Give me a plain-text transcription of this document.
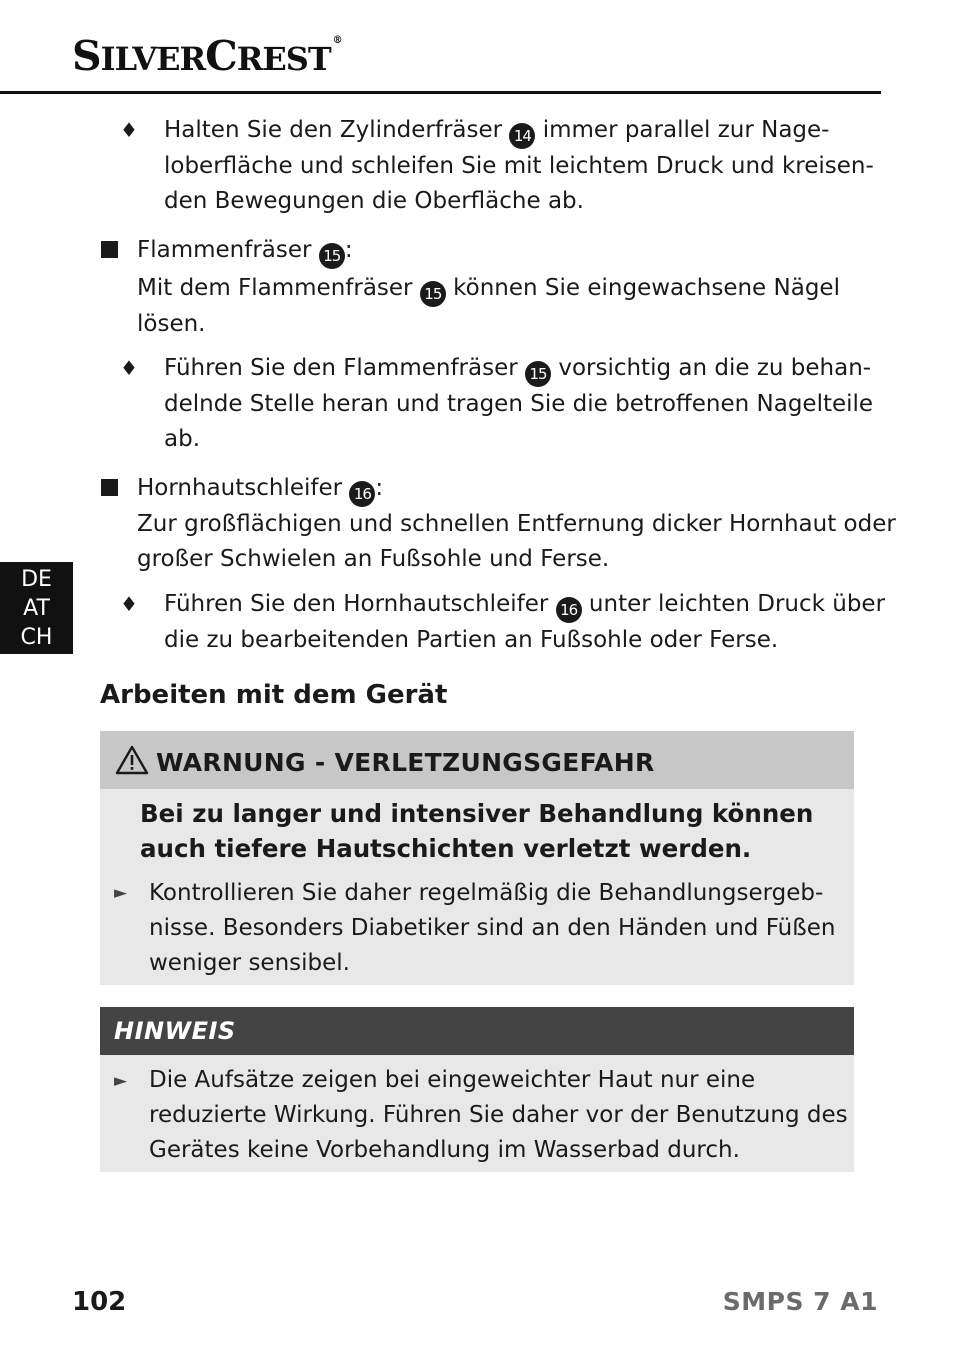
SILVERCREST ®
DE
AT
CH
♦ Halten Sie den Zylinderfräser 14 immer parallel zur Nage-
loberfläche und schleifen Sie mit leichtem Druck und kreisen-
den Bewegungen die Oberfläche ab.
Flammenfräser 15 :
Mit dem Flammenfräser 15 können Sie eingewachsene Nägel
lösen.
♦ Führen Sie den Flammenfräser 15 vorsichtig an die zu behan-
delnde Stelle heran und tragen Sie die betroffenen Nagelteile
ab.
Hornhautschleifer 16 :
Zur großflächigen und schnellen Entfernung dicker Hornhaut oder
großer Schwielen an Fußsohle und Ferse.
♦ Führen Sie den Hornhautschleifer 16 unter leichten Druck über
die zu bearbeitenden Partien an Fußsohle oder Ferse.
Arbeiten mit dem Gerät
WARNUNG - VERLETZUNGSGEFAHR
Bei zu langer und intensiver Behandlung können
auch tiefere Hautschichten verletzt werden.
► Kontrollieren Sie daher regelmäßig die Behandlungsergeb-
nisse. Besonders Diabetiker sind an den Händen und Füßen
weniger sensibel.
HINWEIS
► Die Aufsätze zeigen bei eingeweichter Haut nur eine
reduzierte Wirkung. Führen Sie daher vor der Benutzung des
Gerätes keine Vorbehandlung im Wasserbad durch.
102	SMPS 7 A1
